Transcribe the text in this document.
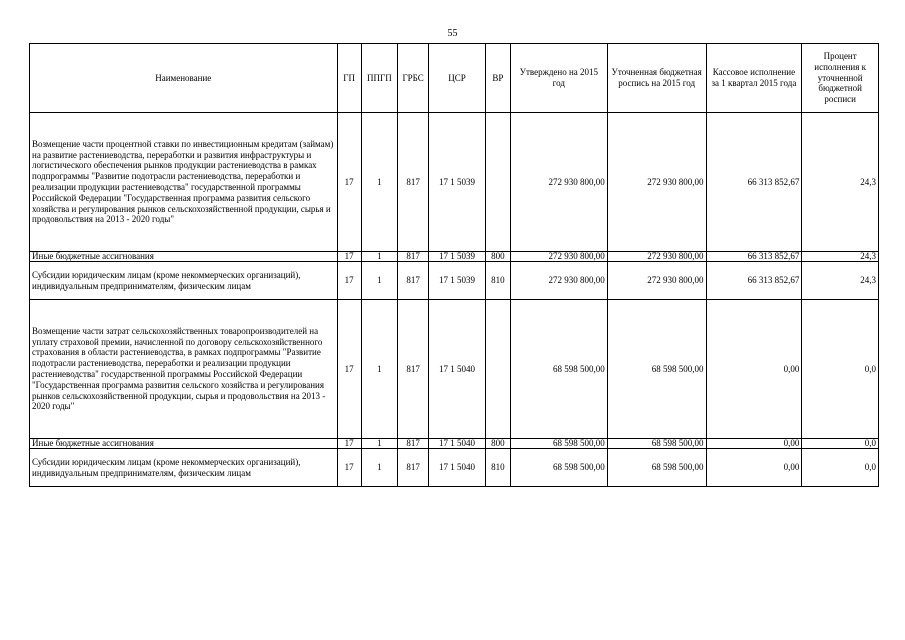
55
Наименование	ГП	ППГП	ГРБС	ЦСР	ВР	Утверждено на 2015 год	Уточненная бюджетная роспись на 2015 год	Кассовое исполнение за 1 квартал 2015 года	Процент исполнения к уточненной бюджетной росписи
Возмещение части процентной ставки по инвестиционным кредитам (займам) на развитие растениеводства, переработки и развития инфраструктуры и логистического обеспечения рынков продукции растениеводства в рамках подпрограммы "Развитие подотрасли растениеводства, переработки и реализации продукции растениеводства" государственной программы Российской Федерации "Государственная программа развития сельского хозяйства и регулирования рынков сельскохозяйственной продукции, сырья и продовольствия на 2013 - 2020 годы"	17	1	817	17 1 5039		272 930 800,00	272 930 800,00	66 313 852,67	24,3
Иные бюджетные ассигнования	17	1	817	17 1 5039	800	272 930 800,00	272 930 800,00	66 313 852,67	24,3
Субсидии юридическим лицам (кроме некоммерческих организаций), индивидуальным предпринимателям, физическим лицам	17	1	817	17 1 5039	810	272 930 800,00	272 930 800,00	66 313 852,67	24,3
Возмещение части затрат сельскохозяйственных товаропроизводителей на уплату страховой премии, начисленной по договору сельскохозяйственного страхования в области растениеводства, в рамках подпрограммы "Развитие подотрасли растениеводства, переработки и реализации продукции растениеводства" государственной программы Российской Федерации "Государственная программа развития сельского хозяйства и регулирования рынков сельскохозяйственной продукции, сырья и продовольствия на 2013 - 2020 годы"	17	1	817	17 1 5040		68 598 500,00	68 598 500,00	0,00	0,0
Иные бюджетные ассигнования	17	1	817	17 1 5040	800	68 598 500,00	68 598 500,00	0,00	0,0
Субсидии юридическим лицам (кроме некоммерческих организаций), индивидуальным предпринимателям, физическим лицам	17	1	817	17 1 5040	810	68 598 500,00	68 598 500,00	0,00	0,0
